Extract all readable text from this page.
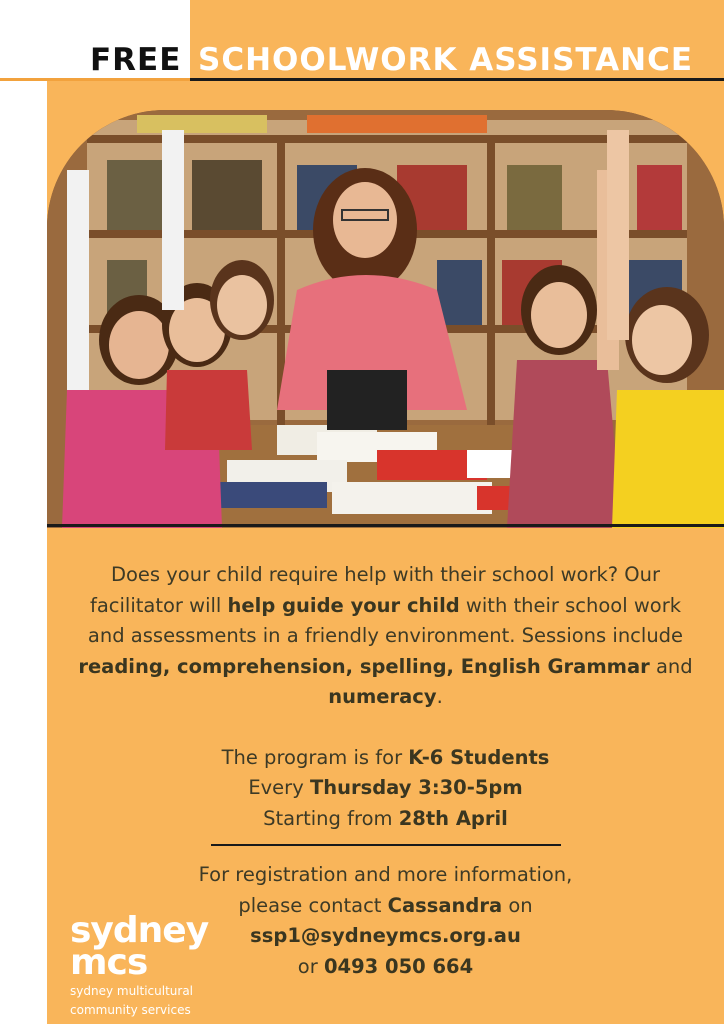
FREE SCHOOLWORK ASSISTANCE
Does your child require help with their school work? Our facilitator will help guide your child with their school work and assessments in a friendly environment. Sessions include reading, comprehension, spelling, English Grammar and numeracy.
The program is for K-6 Students
Every Thursday 3:30-5pm
Starting from 28th April
For registration and more information,
please contact Cassandra on
ssp1@sydneymcs.org.au
or 0493 050 664
sydney
mcs
sydney multicultural
community services
